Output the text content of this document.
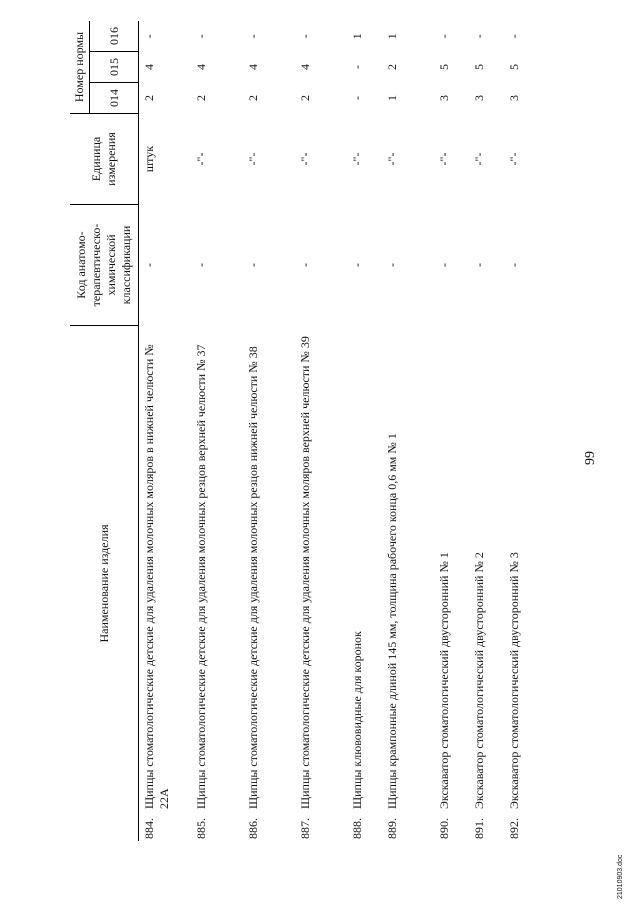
99
Наименование изделия		Код анатомо-терапевтическо-химической классификации	Единица измерения	Номер нормы		
				014	015	016
884.	Щипцы стоматологические детские для удаления молочных моляров в нижней челюсти № 22А	-	штук	2	4	-
885.	Щипцы стоматологические детские для удаления молочных резцов верхней челюсти № 37	-	-"-	2	4	-
886.	Щипцы стоматологические детские для удаления молочных резцов нижней челюсти № 38	-	-"-	2	4	-
887.	Щипцы стоматологические детские для удаления молочных моляров верхней челюсти № 39	-	-"-	2	4	-
888.	Щипцы клювовидные для коронок	-	-"-	-	-	1
889.	Щипцы крампонные длиной 145 мм, толщина рабочего конца 0,6 мм № 1	-	-"-	1	2	1
890.	Экскаватор стоматологический двусторонний № 1	-	-"-	3	5	-
891.	Экскаватор стоматологический двусторонний № 2	-	-"-	3	5	-
892.	Экскаватор стоматологический двусторонний № 3	-	-"-	3	5	-
21010903.doc
